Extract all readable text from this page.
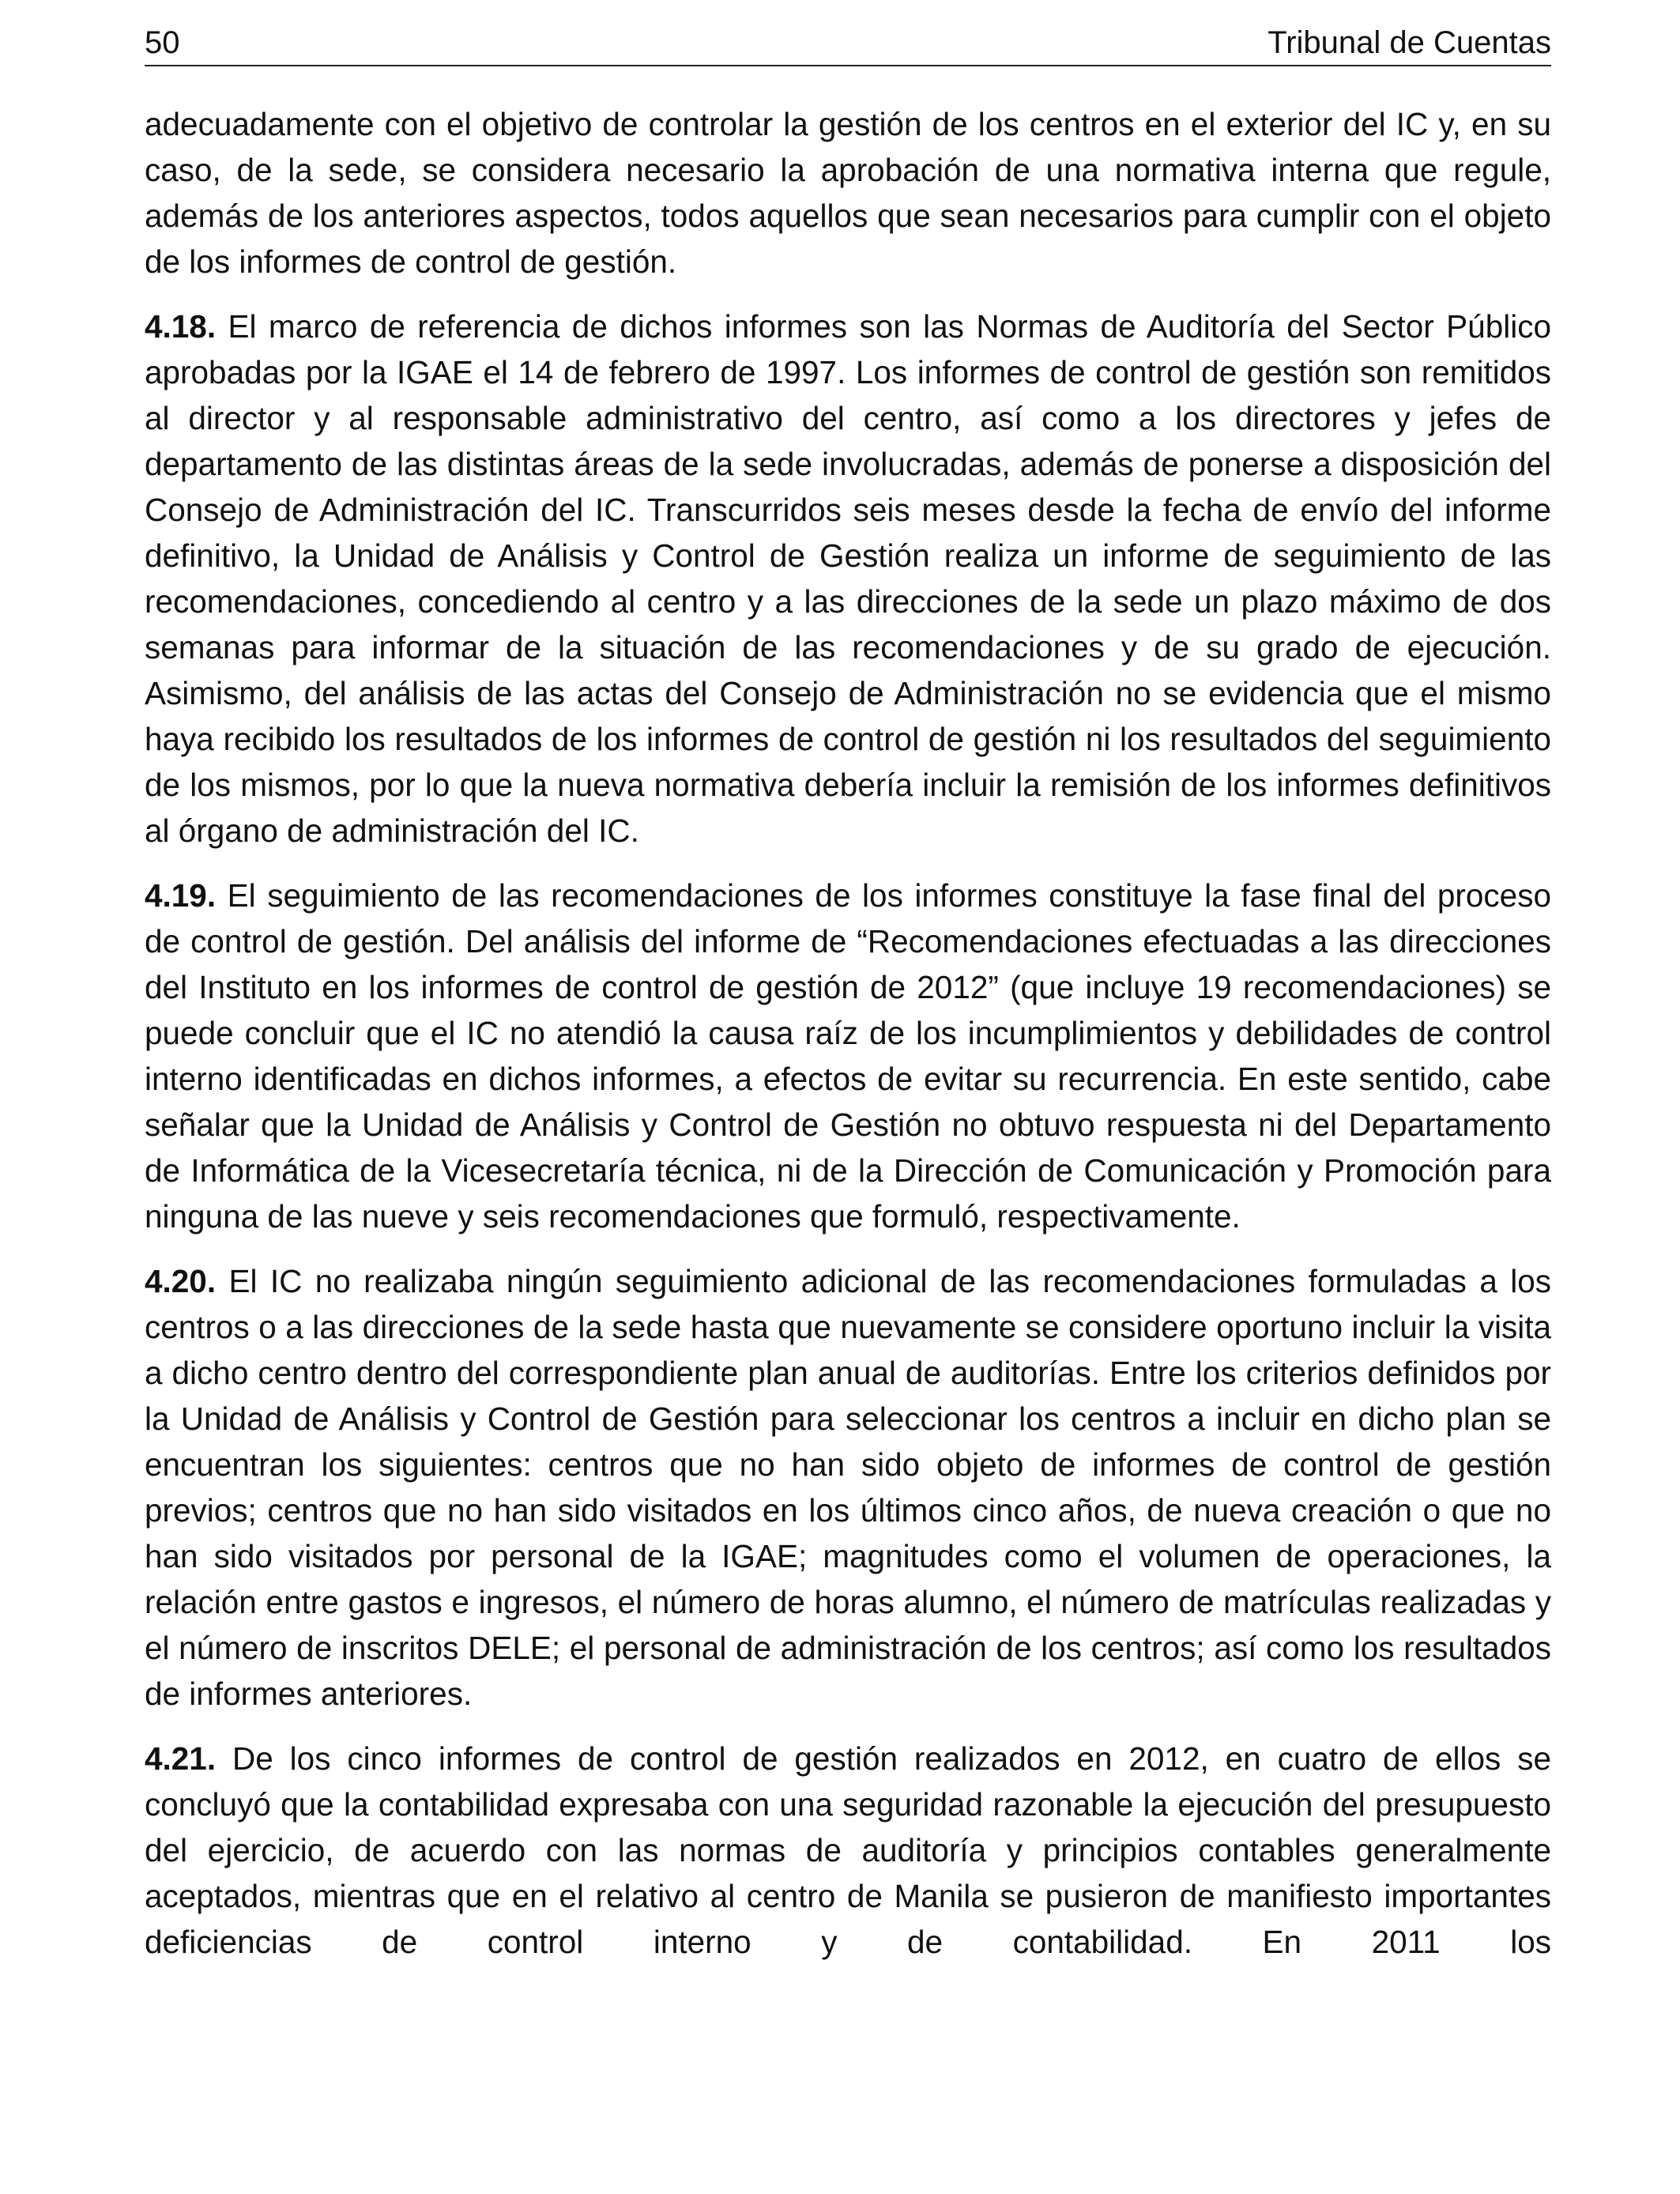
50	Tribunal de Cuentas

adecuadamente con el objetivo de controlar la gestión de los centros en el exterior del IC y, en su caso, de la sede, se considera necesario la aprobación de una normativa interna que regule, además de los anteriores aspectos, todos aquellos que sean necesarios para cumplir con el objeto de los informes de control de gestión.

4.18. El marco de referencia de dichos informes son las Normas de Auditoría del Sector Público aprobadas por la IGAE el 14 de febrero de 1997. Los informes de control de gestión son remitidos al director y al responsable administrativo del centro, así como a los directores y jefes de departamento de las distintas áreas de la sede involucradas, además de ponerse a disposición del Consejo de Administración del IC. Transcurridos seis meses desde la fecha de envío del informe definitivo, la Unidad de Análisis y Control de Gestión realiza un informe de seguimiento de las recomendaciones, concediendo al centro y a las direcciones de la sede un plazo máximo de dos semanas para informar de la situación de las recomendaciones y de su grado de ejecución. Asimismo, del análisis de las actas del Consejo de Administración no se evidencia que el mismo haya recibido los resultados de los informes de control de gestión ni los resultados del seguimiento de los mismos, por lo que la nueva normativa debería incluir la remisión de los informes definitivos al órgano de administración del IC.

4.19. El seguimiento de las recomendaciones de los informes constituye la fase final del proceso de control de gestión. Del análisis del informe de “Recomendaciones efectuadas a las direcciones del Instituto en los informes de control de gestión de 2012” (que incluye 19 recomendaciones) se puede concluir que el IC no atendió la causa raíz de los incumplimientos y debilidades de control interno identificadas en dichos informes, a efectos de evitar su recurrencia. En este sentido, cabe señalar que la Unidad de Análisis y Control de Gestión no obtuvo respuesta ni del Departamento de Informática de la Vicesecretaría técnica, ni de la Dirección de Comunicación y Promoción para ninguna de las nueve y seis recomendaciones que formuló, respectivamente.

4.20. El IC no realizaba ningún seguimiento adicional de las recomendaciones formuladas a los centros o a las direcciones de la sede hasta que nuevamente se considere oportuno incluir la visita a dicho centro dentro del correspondiente plan anual de auditorías. Entre los criterios definidos por la Unidad de Análisis y Control de Gestión para seleccionar los centros a incluir en dicho plan se encuentran los siguientes: centros que no han sido objeto de informes de control de gestión previos; centros que no han sido visitados en los últimos cinco años, de nueva creación o que no han sido visitados por personal de la IGAE; magnitudes como el volumen de operaciones, la relación entre gastos e ingresos, el número de horas alumno, el número de matrículas realizadas y el número de inscritos DELE; el personal de administración de los centros; así como los resultados de informes anteriores.

4.21. De los cinco informes de control de gestión realizados en 2012, en cuatro de ellos se concluyó que la contabilidad expresaba con una seguridad razonable la ejecución del presupuesto del ejercicio, de acuerdo con las normas de auditoría y principios contables generalmente aceptados, mientras que en el relativo al centro de Manila se pusieron de manifiesto importantes deficiencias de control interno y de contabilidad. En 2011 los
